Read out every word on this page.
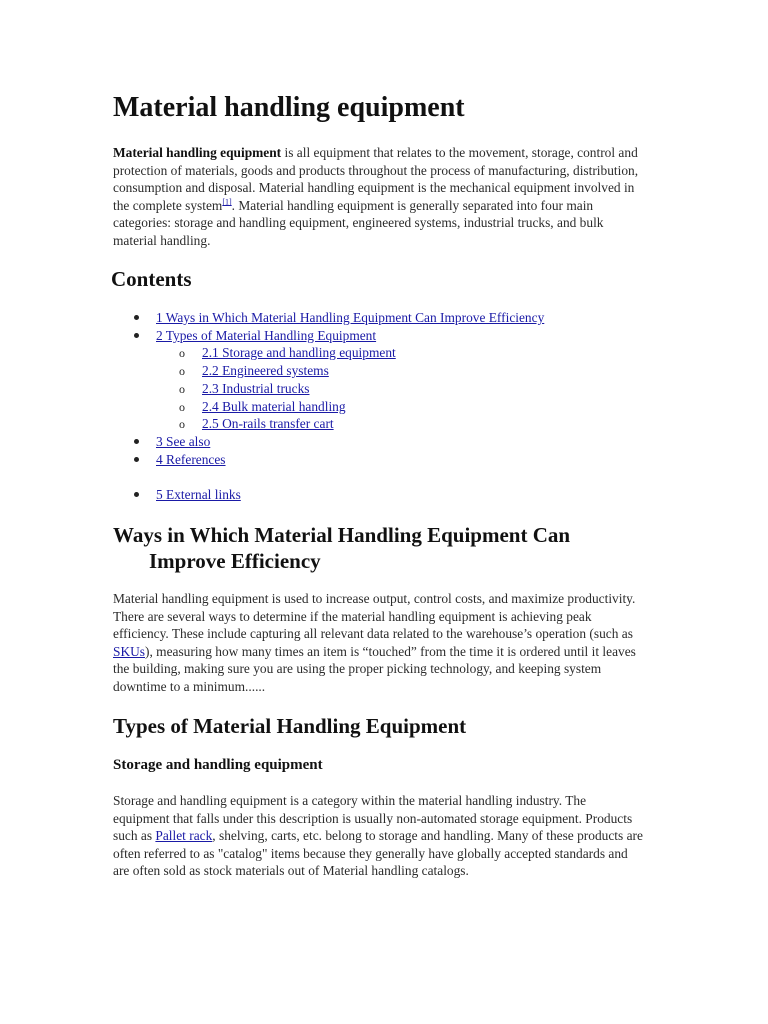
Material handling equipment

Material handling equipment is all equipment that relates to the movement, storage, control and protection of materials, goods and products throughout the process of manufacturing, distribution, consumption and disposal. Material handling equipment is the mechanical equipment involved in the complete system[1]. Material handling equipment is generally separated into four main categories: storage and handling equipment, engineered systems, industrial trucks, and bulk material handling.

Contents
1 Ways in Which Material Handling Equipment Can Improve Efficiency
2 Types of Material Handling Equipment
o 2.1 Storage and handling equipment
o 2.2 Engineered systems
o 2.3 Industrial trucks
o 2.4 Bulk material handling
o 2.5 On-rails transfer cart
3 See also
4 References
5 External links
Ways in Which Material Handling Equipment Can
Improve Efficiency

Material handling equipment is used to increase output, control costs, and maximize productivity. There are several ways to determine if the material handling equipment is achieving peak efficiency. These include capturing all relevant data related to the warehouse’s operation (such as SKUs), measuring how many times an item is “touched” from the time it is ordered until it leaves the building, making sure you are using the proper picking technology, and keeping system downtime to a minimum......

Types of Material Handling Equipment
Storage and handling equipment

Storage and handling equipment is a category within the material handling industry. The equipment that falls under this description is usually non-automated storage equipment. Products such as Pallet rack, shelving, carts, etc. belong to storage and handling. Many of these products are often referred to as "catalog" items because they generally have globally accepted standards and are often sold as stock materials out of Material handling catalogs.
